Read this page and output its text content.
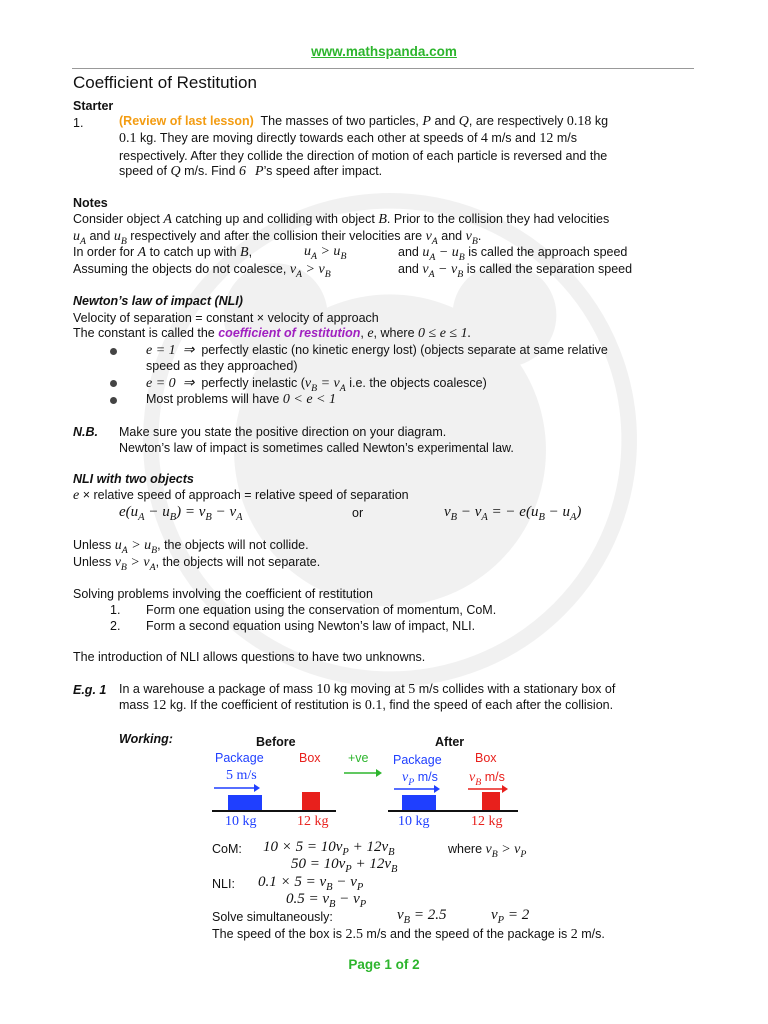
www.mathspanda.com
Coefficient of Restitution
Starter
1.	(Review of last lesson) The masses of two particles, P and Q, are respectively 0.18 kg
0.1 kg. They are moving directly towards each other at speeds of 4 m/s and 12 m/s
respectively. After they collide the direction of motion of each particle is reversed and the
speed of Q m/s. Find 6 P’s speed after impact.
Notes
Consider object A catching up and colliding with object B. Prior to the collision they had velocities
$u_A$ and $u_B$ respectively and after the collision their velocities are $v_A$ and $v_B$.
In order for A to catch up with B,	$u_A > u_B$	and $u_A - u_B$ is called the approach speed
Assuming the objects do not coalesce, $v_A > v_B$	and $v_A - v_B$ is called the separation speed
Newton’s law of impact (NLI)
Velocity of separation = constant × velocity of approach
The constant is called the coefficient of restitution, e, where 0 ≤ e ≤ 1.
e = 1  ⇒ perfectly elastic (no kinetic energy lost) (objects separate at same relative
speed as they approached)
e = 0  ⇒ perfectly inelastic ($v_B = v_A$ i.e. the objects coalesce)
Most problems will have 0 < e < 1
N.B. Make sure you state the positive direction on your diagram.
Newton’s law of impact is sometimes called Newton’s experimental law.
NLI with two objects
e × relative speed of approach = relative speed of separation
$e(u_A - u_B) = v_B - v_A$	or	$v_B - v_A$ = − $e(u_B - u_A)$
Unless $u_A > u_B$, the objects will not collide.
Unless $v_B > v_A$, the objects will not separate.
Solving problems involving the coefficient of restitution
1. Form one equation using the conservation of momentum, CoM.
2. Form a second equation using Newton’s law of impact, NLI.
The introduction of NLI allows questions to have two unknowns.
E.g. 1 In a warehouse a package of mass 10 kg moving at 5 m/s collides with a stationary box of
mass 12 kg. If the coefficient of restitution is 0.1, find the speed of each after the collision.
Working:	Before	After
Package	Box +ve Package	Box
5 m/s	$v_P$ m/s $v_B$ m/s
10 kg	12 kg	10 kg	12 kg
CoM: $10 \times 5 = 10v_P + 12v_B$	where $v_B > v_P$
$50 = 10v_P + 12v_B$
NLI: $0.1 \times 5 = v_B - v_P$
$0.5 = v_B - v_P$
Solve simultaneously:	$v_B = 2.5$	$v_P = 2$
The speed of the box is 2.5 m/s and the speed of the package is 2 m/s.
Page 1 of 2
